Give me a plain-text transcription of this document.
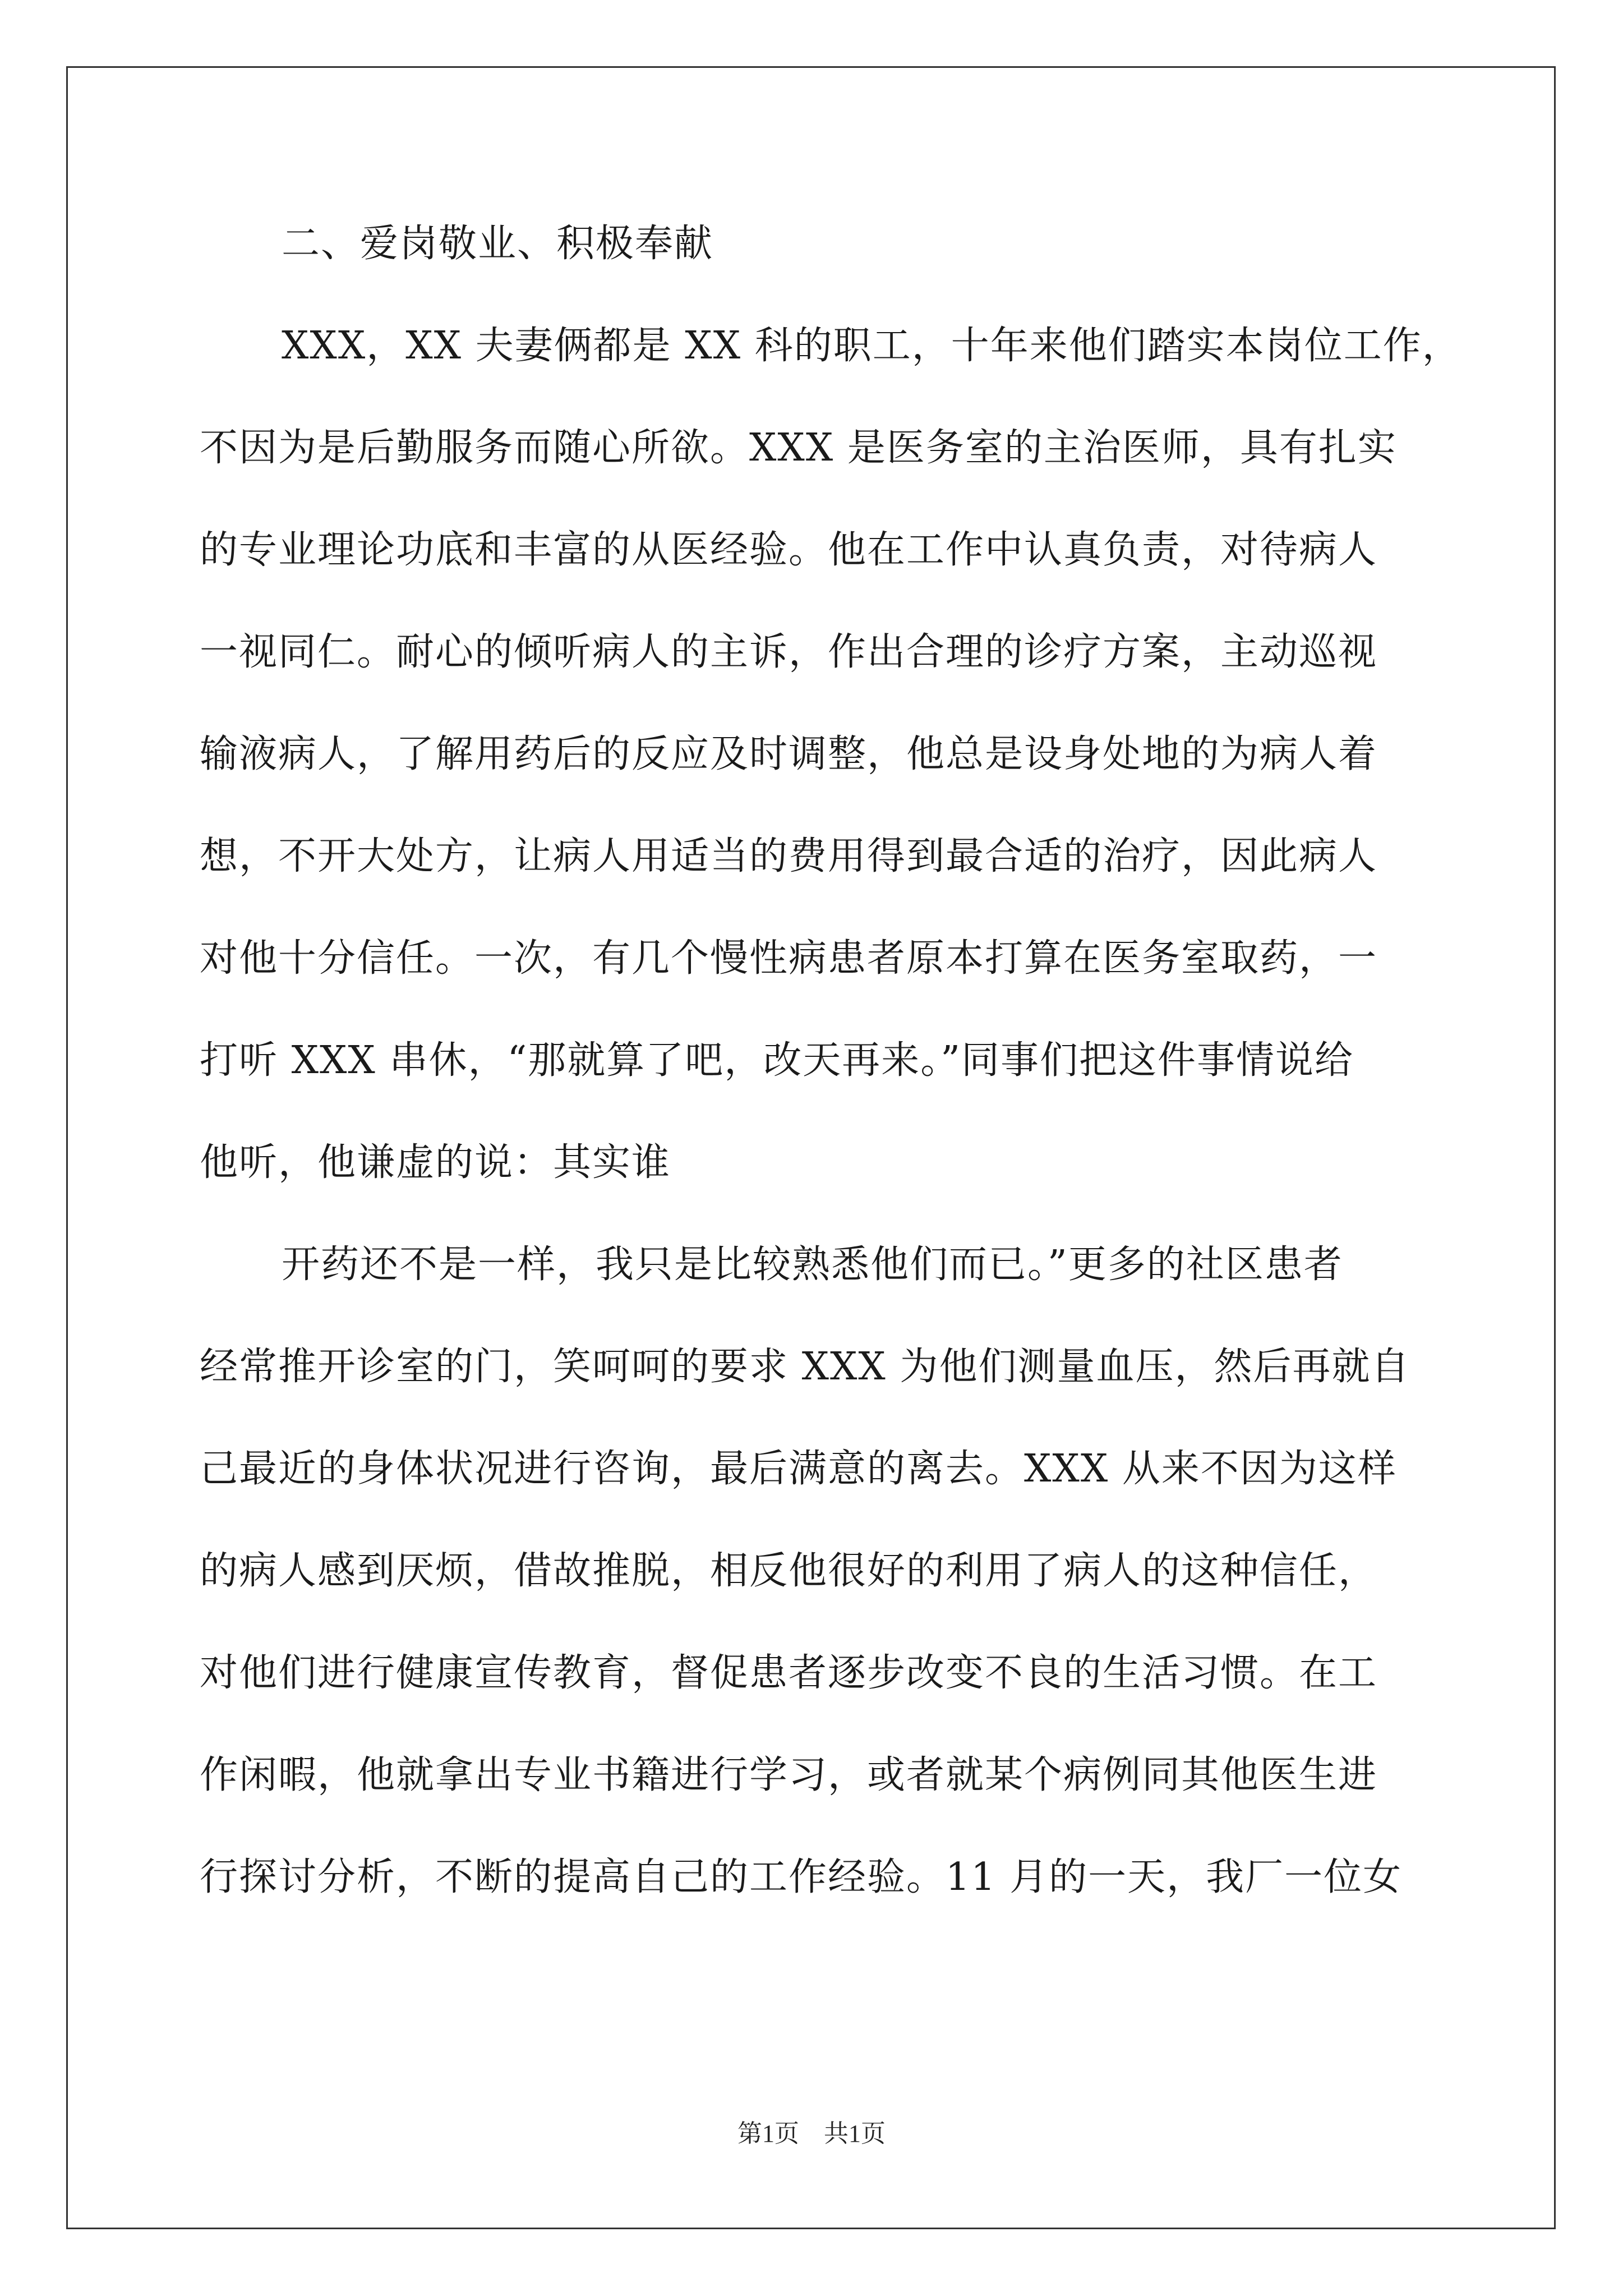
二、爱岗敬业、积极奉献
XXX，XX 夫妻俩都是 XX 科的职工，十年来他们踏实本岗位工作，
不因为是后勤服务而随心所欲。XXX 是医务室的主治医师，具有扎实
的专业理论功底和丰富的从医经验。他在工作中认真负责，对待病人
一视同仁。耐心的倾听病人的主诉，作出合理的诊疗方案，主动巡视
输液病人，了解用药后的反应及时调整，他总是设身处地的为病人着
想，不开大处方，让病人用适当的费用得到最合适的治疗，因此病人
对他十分信任。一次，有几个慢性病患者原本打算在医务室取药，一
打听 XXX 串休，“那就算了吧，改天再来。”同事们把这件事情说给
他听，他谦虚的说：其实谁
开药还不是一样，我只是比较熟悉他们而已。”更多的社区患者
经常推开诊室的门，笑呵呵的要求 XXX 为他们测量血压，然后再就自
己最近的身体状况进行咨询，最后满意的离去。XXX 从来不因为这样
的病人感到厌烦，借故推脱，相反他很好的利用了病人的这种信任，
对他们进行健康宣传教育，督促患者逐步改变不良的生活习惯。在工
作闲暇，他就拿出专业书籍进行学习，或者就某个病例同其他医生进
行探讨分析，不断的提高自己的工作经验。11 月的一天，我厂一位女
第1页　共1页
